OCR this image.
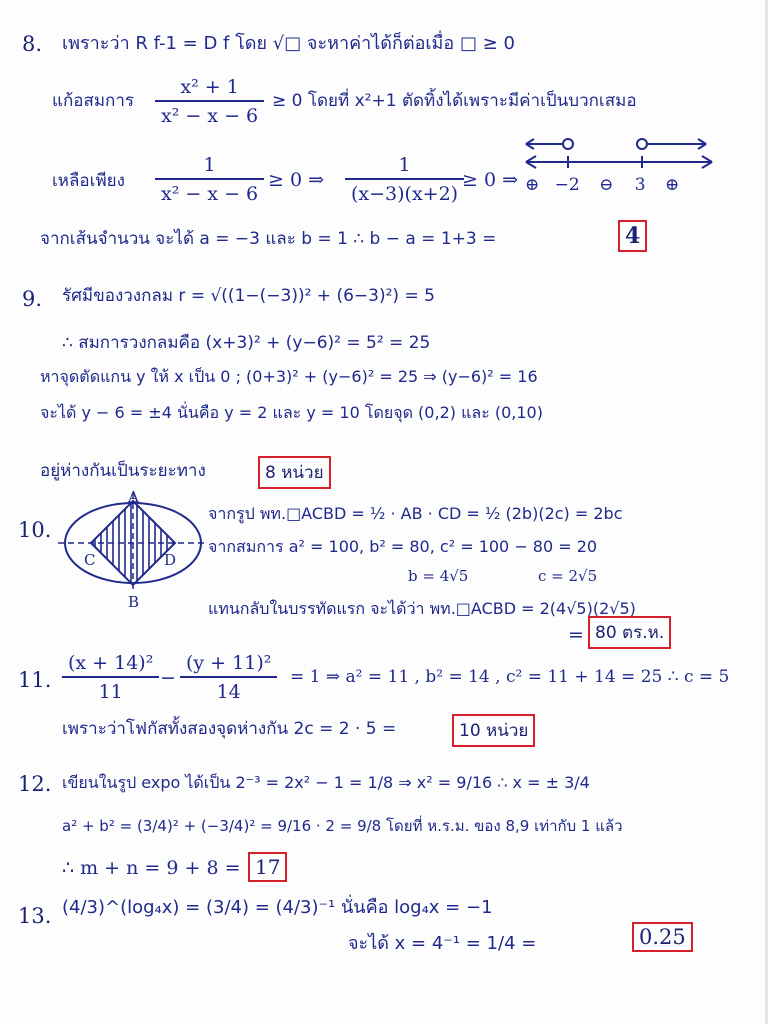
8. เพราะว่า R f-1 = D f โดย √□ จะหาค่าได้ก็ต่อเมื่อ □ ≥ 0
แก้อสมการ $\frac{\text{x² + 1}}{\text{x² − x − 6}} \ge 0$ โดยที่ x²+1 ตัดทิ้งได้เพราะมีค่าเป็นบวกเสมอ
เหลือเพียง $\frac{1}{\text{x² − x − 6}} \ge 0$ ⇒ $\frac{1}{(x-3)(x+2)}$
≥ 0 ⇒ ⊕ −2 ⊖ 3 ⊕
จากเส้นจำนวน จะได้ a = −3 และ b = 1 ∴ b − a = 1+3 =	4
9. รัศมีของวงกลม r = √((1−(−3))² + (6−3)²) = 5
∴ สมการวงกลมคือ (x+3)² + (y−6)² = 5² = 25
หาจุดตัดแกน y ให้ x เป็น 0 ; (0+3)² + (y−6)² = 25 ⇒ (y−6)² = 16
จะได้ y − 6 = ±4 นั่นคือ y = 2 และ y = 10 โดยจุด (0,2) และ (0,10)
อยู่ห่างกันเป็นระยะทาง	8 หน่วย
10.
A
B
C	D
จากรูป พท.□ACBD = ½ · AB · CD = ½ (2b)(2c) = 2bc
จากสมการ a² = 100, b² = 80, c² = 100 − 80 = 20
b = 4√5	c = 2√5
แทนกลับในบรรทัดแรก จะได้ว่า พท.□ACBD = 2(4√5)(2√5)
= 80 ตร.ห.
11. $\frac{\text{(x + 14)²}}{11} - \frac{\text{(y + 11)²}}{14} = 1$ ⇒ a² = 11 , b² = 14 , c² = 11 + 14 = 25 ∴ c = 5
เพราะว่าโฟกัสทั้งสองจุดห่างกัน 2c = 2 · 5 =	10 หน่วย
12. เขียนในรูป expo ได้เป็น 2⁻³ = 2x² − 1 = 1/8 ⇒ x² = 9/16 ∴ x = ± 3/4
a² + b² = (3/4)² + (−3/4)² = 9/16 · 2 = 9/8 โดยที่ ห.ร.ม. ของ 8,9 เท่ากับ 1 แล้ว
∴ m + n = 9 + 8 = 17
13. (4/3)^(log₄x) = (3/4) = (4/3)⁻¹ นั่นคือ log₄x = −1
จะได้ x = 4⁻¹ = 1/4 =	0.25
